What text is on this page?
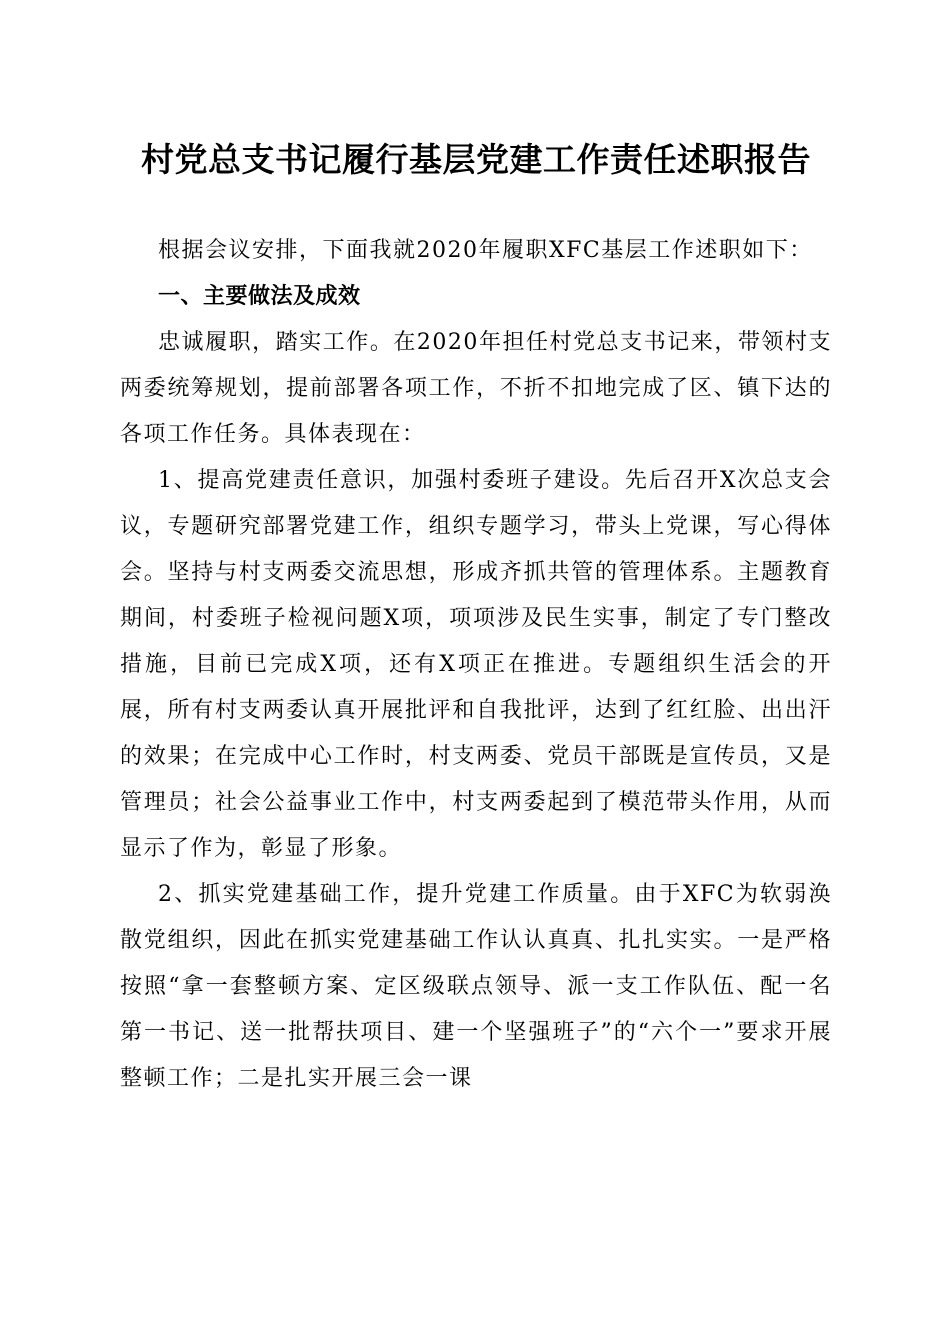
村党总支书记履行基层党建工作责任述职报告

根据会议安排，下面我就2020年履职XFC基层工作述职如下：

一、主要做法及成效

忠诚履职，踏实工作。在2020年担任村党总支书记来，带领村支两委统筹规划，提前部署各项工作，不折不扣地完成了区、镇下达的各项工作任务。具体表现在：

1、提高党建责任意识，加强村委班子建设。先后召开X次总支会议，专题研究部署党建工作，组织专题学习，带头上党课，写心得体会。坚持与村支两委交流思想，形成齐抓共管的管理体系。主题教育期间，村委班子检视问题X项，项项涉及民生实事，制定了专门整改措施，目前已完成X项，还有X项正在推进。专题组织生活会的开展，所有村支两委认真开展批评和自我批评，达到了红红脸、出出汗的效果；在完成中心工作时，村支两委、党员干部既是宣传员，又是管理员；社会公益事业工作中，村支两委起到了模范带头作用，从而显示了作为，彰显了形象。

2、抓实党建基础工作，提升党建工作质量。由于XFC为软弱涣散党组织，因此在抓实党建基础工作认认真真、扎扎实实。一是严格按照“拿一套整顿方案、定区级联点领导、派一支工作队伍、配一名第一书记、送一批帮扶项目、建一个坚强班子”的“六个一”要求开展整顿工作；二是扎实开展三会一课
